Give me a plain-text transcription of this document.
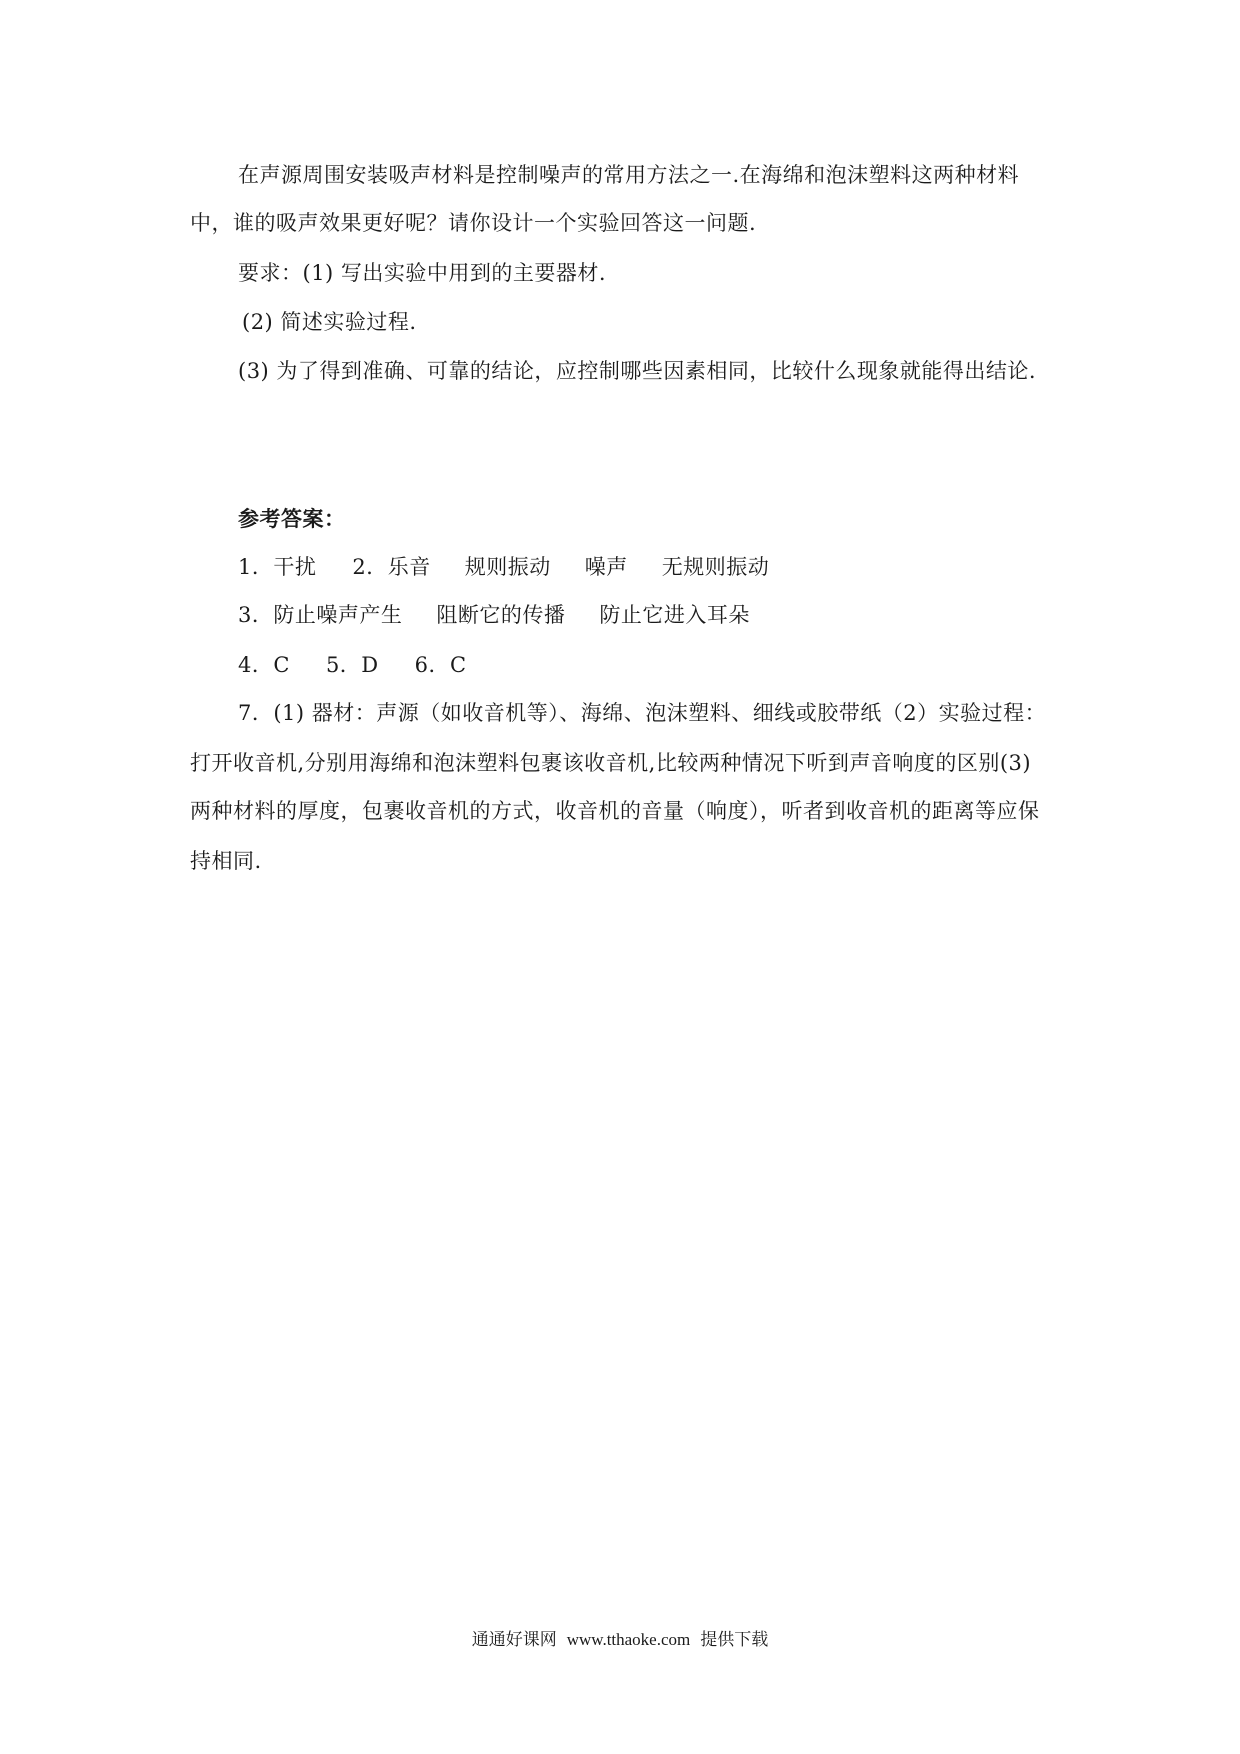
在声源周围安装吸声材料是控制噪声的常用方法之一.在海绵和泡沫塑料这两种材料
中，谁的吸声效果更好呢？请你设计一个实验回答这一问题.
要求：(1) 写出实验中用到的主要器材.
(2) 简述实验过程.
(3) 为了得到准确、可靠的结论，应控制哪些因素相同，比较什么现象就能得出结论.
参考答案：
1．干扰 2．乐音 规则振动 噪声 无规则振动
3．防止噪声产生 阻断它的传播 防止它进入耳朵
4．C 5．D 6．C
7．(1) 器材：声源（如收音机等）、海绵、泡沫塑料、细线或胶带纸（2）实验过程：
打开收音机,分别用海绵和泡沫塑料包裹该收音机,比较两种情况下听到声音响度的区别(3)
两种材料的厚度，包裹收音机的方式，收音机的音量（响度），听者到收音机的距离等应保
持相同.
通通好课网 www.tthaoke.com 提供下载
